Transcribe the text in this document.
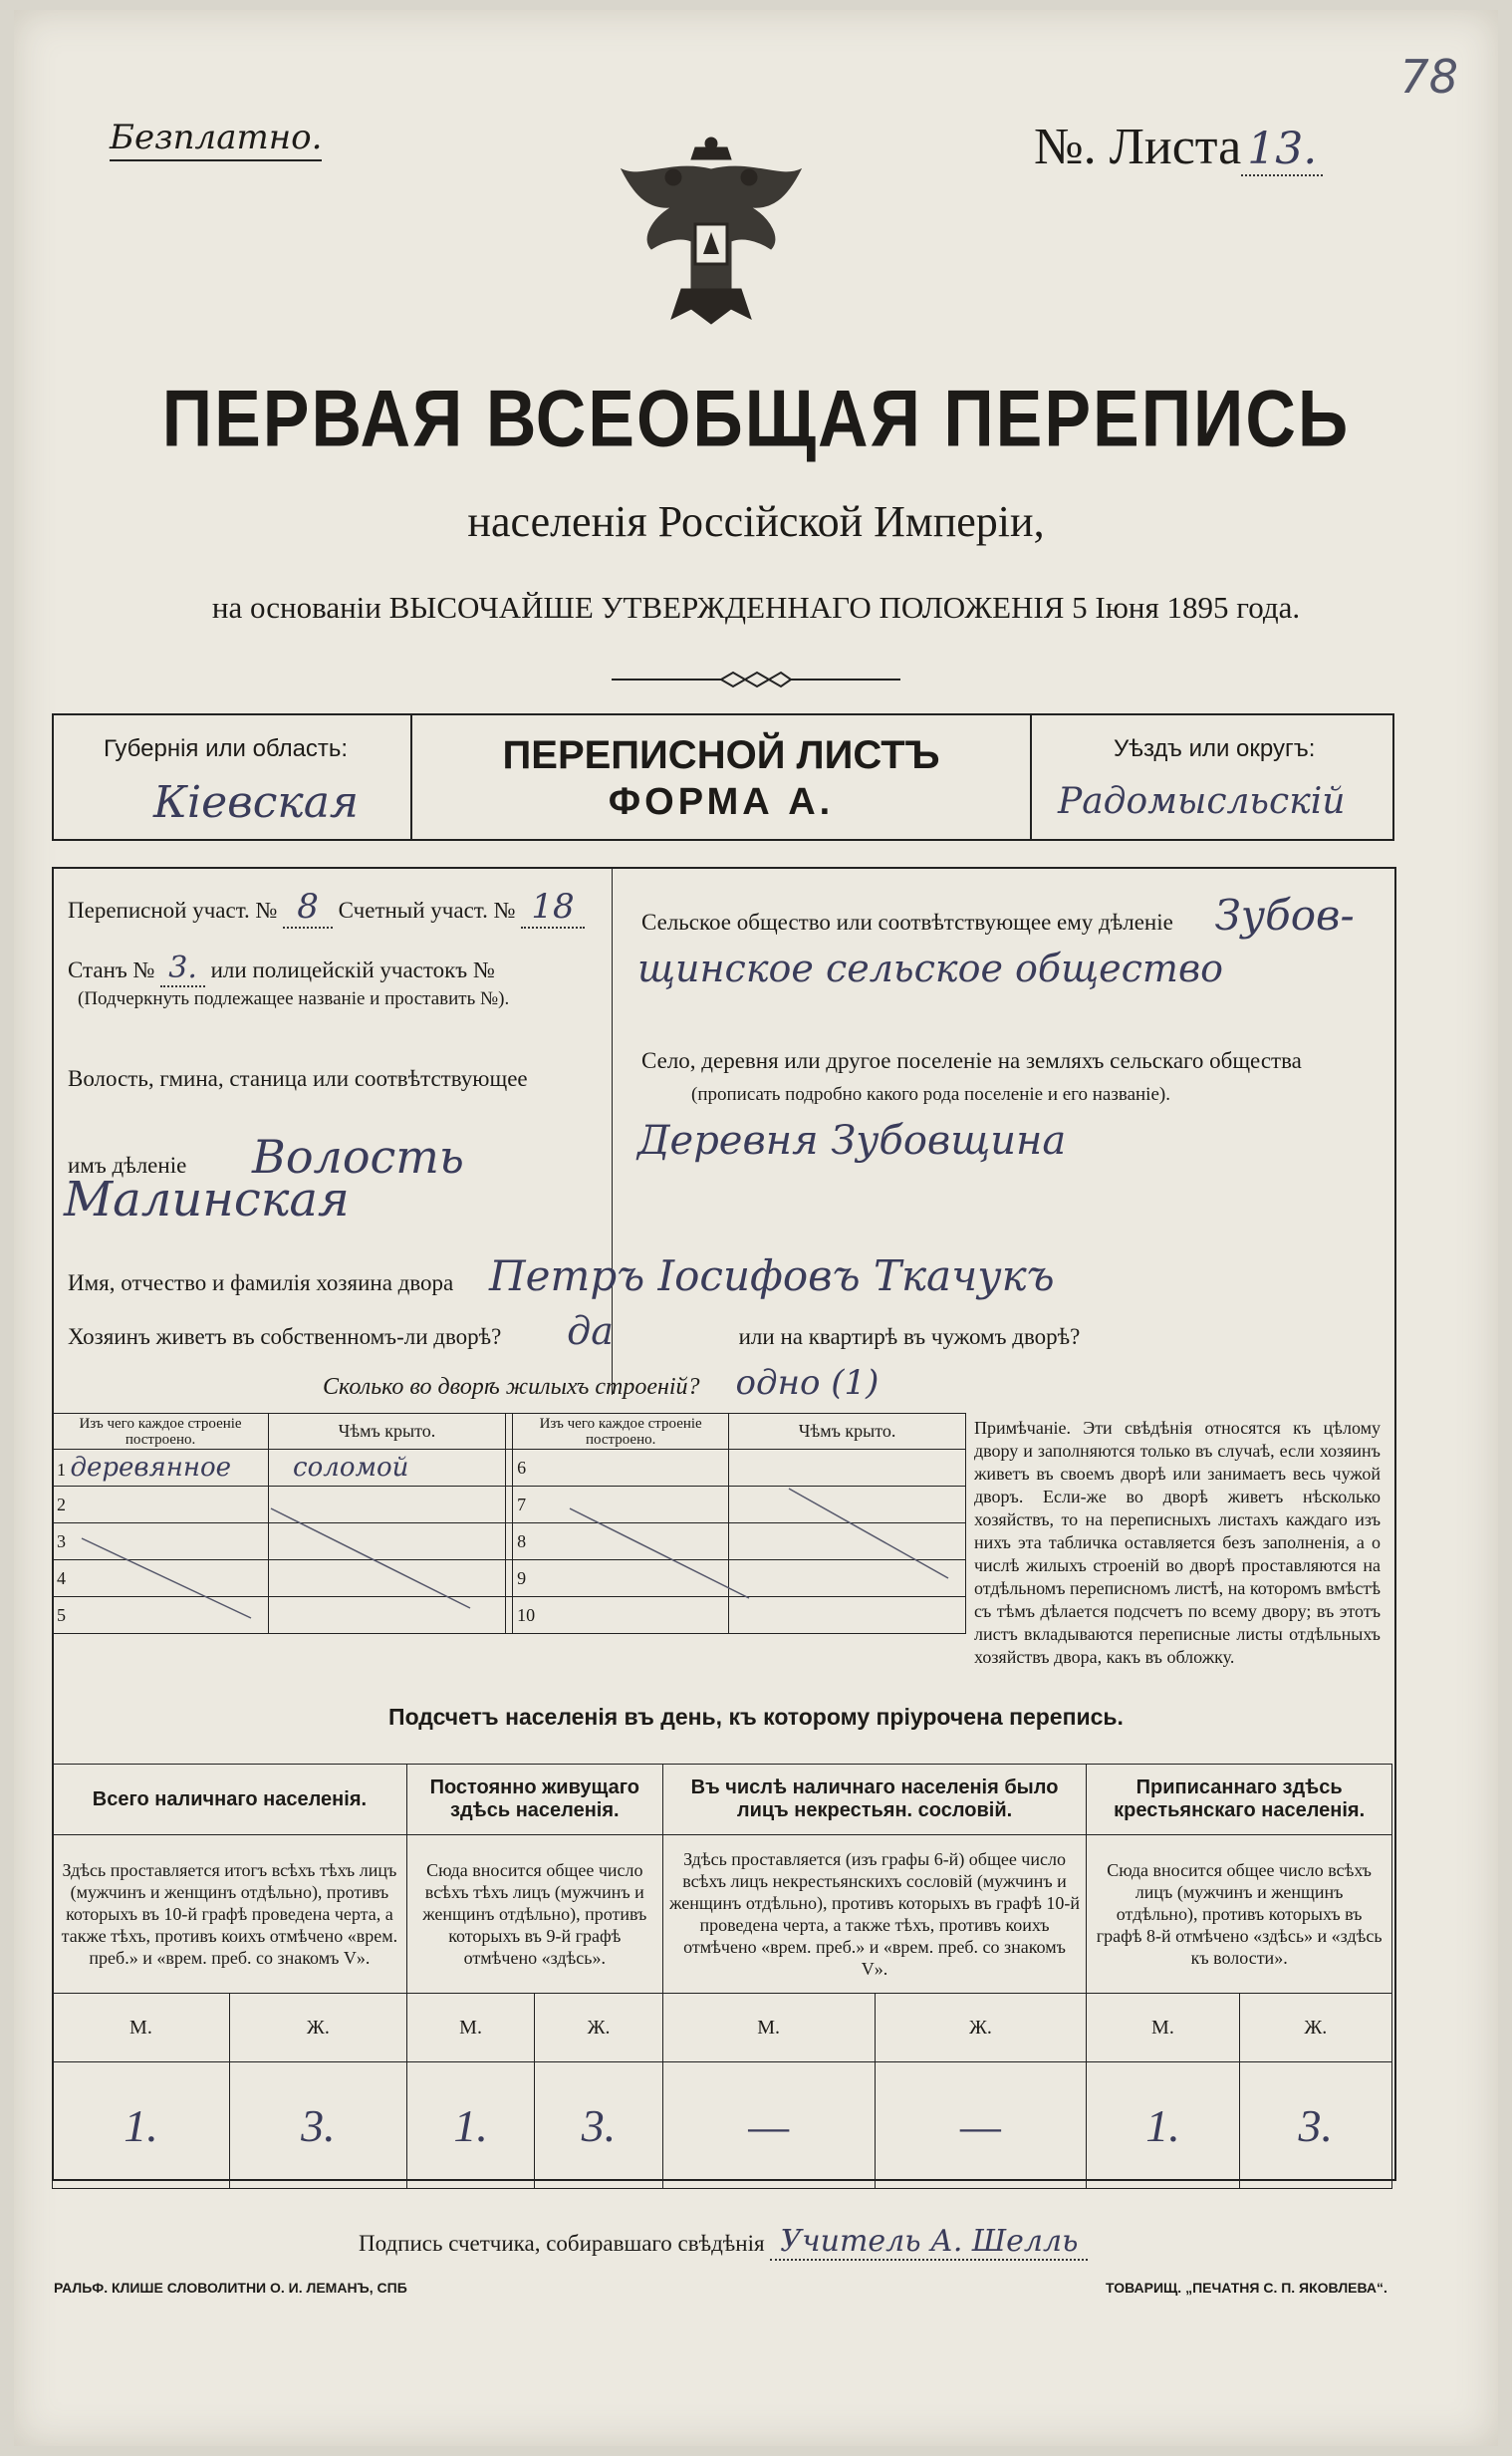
78
Безплатно.	№. Листа 13.
ПЕРВАЯ ВСЕОБЩАЯ ПЕРЕПИСЬ
населенія Россійской Имперіи,
на основаніи ВЫСОЧАЙШЕ УТВЕРЖДЕННАГО ПОЛОЖЕНІЯ 5 Іюня 1895 года.
Губернія или область:
Кіевская
ПЕРЕПИСНОЙ ЛИСТЪ
ФОРМА А.
Уѣздъ или округъ:
Радомысльскій
Переписной участ. № 8 Счетный участ. № 18
Станъ № 3. или полицейскій участокъ №
(Подчеркнуть подлежащее названіе и проставить №).
Волость, гмина, станица или соотвѣтствующее
имъ дѣленіе Волость
Малинская
Сельское общество или соотвѣтствующее ему дѣленіе Зубов-
щинское сельское общество
Село, деревня или другое поселеніе на земляхъ сельскаго общества
(прописать подробно какого рода поселеніе и его названіе).
Деревня Зубовщина
Имя, отчество и фамилія хозяина двора Петръ Іосифовъ Ткачукъ
Хозяинъ живетъ въ собственномъ-ли дворѣ? да	или на квартирѣ въ чужомъ дворѣ?
Сколько во дворѣ жилыхъ строеній? одно (1)
Изъ чего каждое строеніе построено.	Чѣмъ крыто.		Изъ чего каждое строеніе построено.	Чѣмъ крыто.
1 деревянное	соломой		6	
2			7	
3			8	
4			9	
5			10	
Примѣчаніе. Эти свѣдѣнія относятся къ цѣлому двору и заполняются только въ случаѣ, если хозяинъ живетъ въ своемъ дворѣ или занимаетъ весь чужой дворъ. Если-же во дворѣ живетъ нѣсколько хозяйствъ, то на переписныхъ листахъ каждаго изъ нихъ эта табличка оставляется безъ заполненія, а о числѣ жилыхъ строеній во дворѣ проставляются на отдѣльномъ переписномъ листѣ, на которомъ вмѣстѣ съ тѣмъ дѣлается подсчетъ по всему двору; въ этотъ листъ вкладываются переписные листы отдѣльныхъ хозяйствъ двора, какъ въ обложку.
Подсчетъ населенія въ день, къ которому пріурочена перепись.
Всего наличнаго населенія.		Постоянно живущаго здѣсь населенія.		Въ числѣ наличнаго населенія было лицъ некрестьян. сословій.		Приписаннаго здѣсь крестьянскаго населенія.	
Здѣсь проставляется итогъ всѣхъ тѣхъ лицъ (мужчинъ и женщинъ отдѣльно), противъ которыхъ въ 10-й графѣ проведена черта, а также тѣхъ, противъ коихъ отмѣчено «врем. преб.» и «врем. преб. со знакомъ V».		Сюда вносится общее число всѣхъ тѣхъ лицъ (мужчинъ и женщинъ отдѣльно), противъ которыхъ въ 9-й графѣ отмѣчено «здѣсь».		Здѣсь проставляется (изъ графы 6-й) общее число всѣхъ лицъ некрестьянскихъ сословій (мужчинъ и женщинъ отдѣльно), противъ которыхъ въ графѣ 10-й проведена черта, а также тѣхъ, противъ коихъ отмѣчено «врем. преб.» и «врем. преб. со знакомъ V».		Сюда вносится общее число всѣхъ лицъ (мужчинъ и женщинъ отдѣльно), противъ которыхъ въ графѣ 8-й отмѣчено «здѣсь» и «здѣсь къ волости».	
М.	Ж.	М.	Ж.	М.	Ж.	М.	Ж.
1.	3.	1.	3.	—	—	1.	3.
Подпись счетчика, собиравшаго свѣдѣнія Учитель А. Шелль
РАЛЬФ. КЛИШЕ СЛОВОЛИТНИ О. И. ЛЕМАНЪ, СПБ	ТОВАРИЩ. „ПЕЧАТНЯ С. П. ЯКОВЛЕВА“.
